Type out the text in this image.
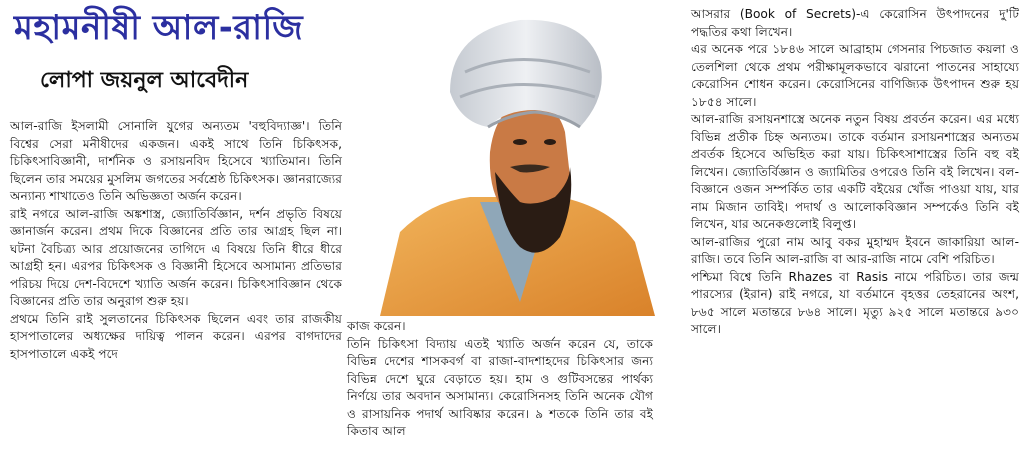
মহামনীষী আল-রাজি
লোপা জয়নুল আবেদীন

আল-রাজি ইসলামী সোনালি যুগের অন্যতম 'বহুবিদ্যাজ্ঞ'। তিনি বিশ্বের সেরা মনীষীদের একজন। একই সাথে তিনি চিকিৎসক, চিকিৎসাবিজ্ঞানী, দার্শনিক ও রসায়নবিদ হিসেবে খ্যাতিমান। তিনি ছিলেন তার সময়ের মুসলিম জগতের সর্বশ্রেষ্ঠ চিকিৎসক। জ্ঞানরাজ্যের অন্যান্য শাখাতেও তিনি অভিজ্ঞতা অর্জন করেন।

রাই নগরে আল-রাজি অঙ্কশাস্ত্র, জ্যোতির্বিজ্ঞান, দর্শন প্রভৃতি বিষয়ে জ্ঞানার্জন করেন। প্রথম দিকে বিজ্ঞানের প্রতি তার আগ্রহ ছিল না। ঘটনা বৈচিত্র্য আর প্রয়োজনের তাগিদে এ বিষয়ে তিনি ধীরে ধীরে আগ্রহী হন। এরপর চিকিৎসক ও বিজ্ঞানী হিসেবে অসামান্য প্রতিভার পরিচয় দিয়ে দেশ-বিদেশে খ্যাতি অর্জন করেন। চিকিৎসাবিজ্ঞান থেকে বিজ্ঞানের প্রতি তার অনুরাগ শুরু হয়।

প্রথমে তিনি রাই সুলতানের চিকিৎসক ছিলেন এবং তার রাজকীয় হাসপাতালের অধ্যক্ষের দায়িত্ব পালন করেন। এরপর বাগদাদের হাসপাতালে একই পদে

কাজ করেন।

তিনি চিকিৎসা বিদ্যায় এতই খ্যাতি অর্জন করেন যে, তাকে বিভিন্ন দেশের শাসকবর্গ বা রাজা-বাদশাহদের চিকিৎসার জন্য বিভিন্ন দেশে ঘুরে বেড়াতে হয়। হাম ও গুটিবসন্তের পার্থক্য নির্ণয়ে তার অবদান অসামান্য। কেরোসিনসহ তিনি অনেক যৌগ ও রাসায়নিক পদার্থ আবিষ্কার করেন। ৯ শতকে তিনি তার বই কিতাব আল

আসরার (Book of Secrets)-এ কেরোসিন উৎপাদনের দু'টি পদ্ধতির কথা লিখেন।

এর অনেক পরে ১৮৪৬ সালে আব্রাহাম গেসনার পিচজাত কয়লা ও তেলশিলা থেকে প্রথম পরীক্ষামূলকভাবে ঝরানো পাতনের সাহায্যে কেরোসিন শোধন করেন। কেরোসিনের বাণিজ্যিক উৎপাদন শুরু হয় ১৮৫৪ সালে।

আল-রাজি রসায়নশাস্ত্রে অনেক নতুন বিষয় প্রবর্তন করেন। এর মধ্যে বিভিন্ন প্রতীক চিহ্ন অন্যতম। তাকে বর্তমান রসায়নশাস্ত্রের অন্যতম প্রবর্তক হিসেবে অভিহিত করা যায়। চিকিৎসাশাস্ত্রের তিনি বহু বই লিখেন। জ্যোতির্বিজ্ঞান ও জ্যামিতির ওপরেও তিনি বই লিখেন। বল-বিজ্ঞানে ওজন সম্পর্কিত তার একটি বইয়ের খোঁজ পাওয়া যায়, যার নাম মিজান তাবিই। পদার্থ ও আলোকবিজ্ঞান সম্পর্কেও তিনি বই লিখেন, যার অনেকগুলোই বিলুপ্ত।

আল-রাজির পুরো নাম আবু বকর মুহাম্মদ ইবনে জাকারিয়া আল-রাজি। তবে তিনি আল-রাজি বা আর-রাজি নামে বেশি পরিচিত।

পশ্চিমা বিশ্বে তিনি Rhazes বা Rasis নামে পরিচিত। তার জন্ম পারস্যের (ইরান) রাই নগরে, যা বর্তমানে বৃহত্তর তেহরানের অংশ, ৮৬৫ সালে মতান্তরে ৮৬৪ সালে। মৃত্যু ৯২৫ সালে মতান্তরে ৯৩০ সালে।
